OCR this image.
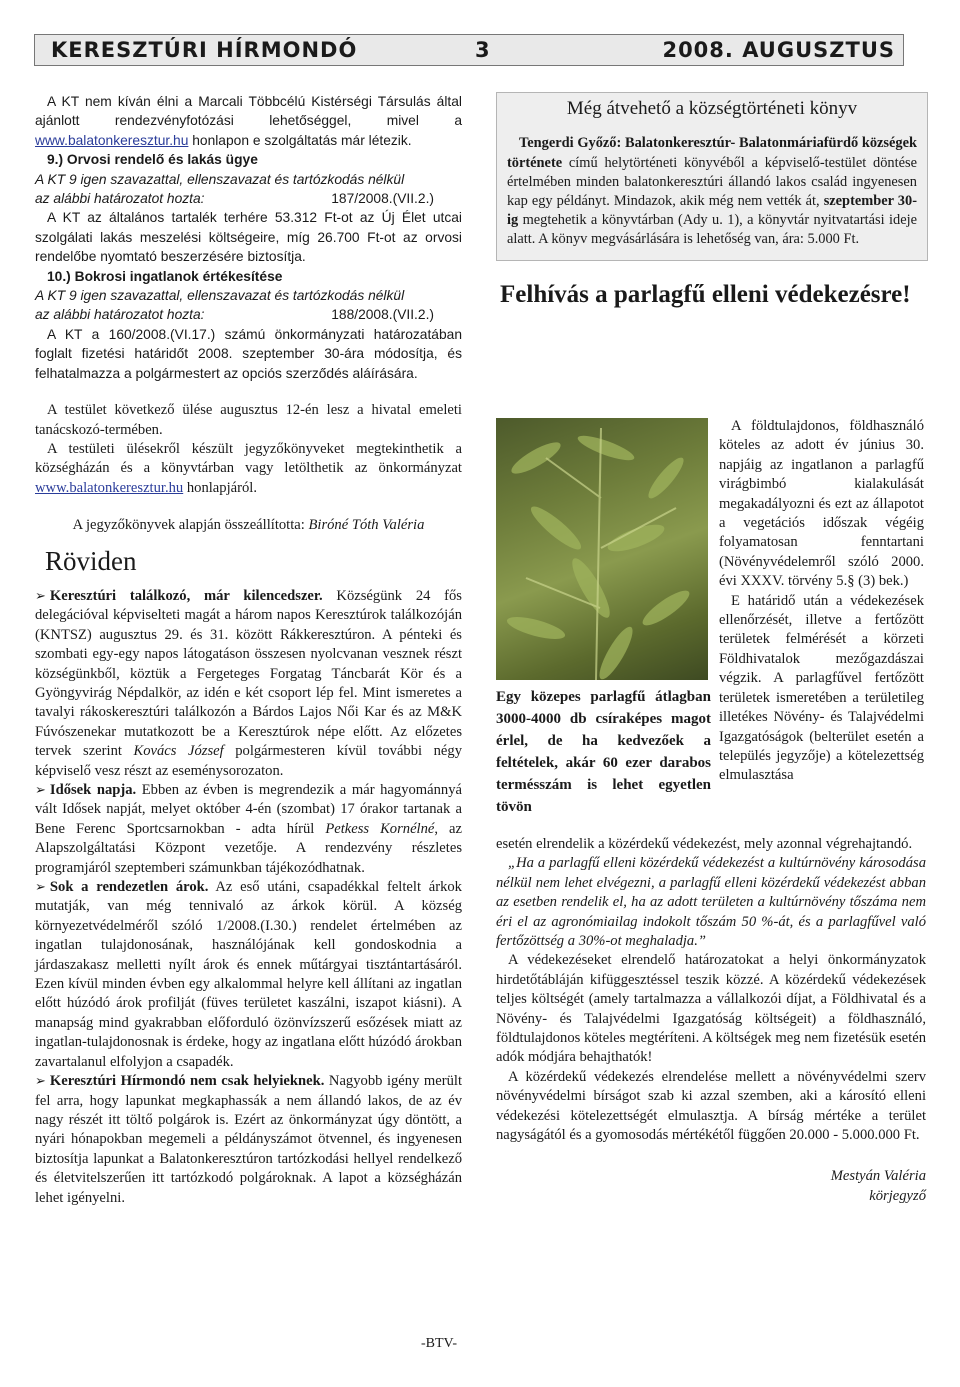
KERESZTÚRI HÍRMONDÓ	3	2008. AUGUSZTUS

A KT nem kíván élni a Marcali Többcélú Kistérségi Társulás által ajánlott rendezvényfotózási lehetőséggel, mivel a www.balatonkeresztur.hu honlapon e szolgáltatás már létezik.

9.) Orvosi rendelő és lakás ügye

A KT 9 igen szavazattal, ellenszavazat és tartózkodás nélkül

az alábbi határozatot hozta:	187/2008.(VII.2.)

A KT az általános tartalék terhére 53.312 Ft-ot az Új Élet utcai szolgálati lakás meszelési költségeire, míg 26.700 Ft-ot az orvosi rendelőbe nyomtató beszerzésére biztosítja.

10.) Bokrosi ingatlanok értékesítése

A KT 9 igen szavazattal, ellenszavazat és tartózkodás nélkül

az alábbi határozatot hozta:	188/2008.(VII.2.)

A KT a 160/2008.(VI.17.) számú önkormányzati határozatában foglalt fizetési határidőt 2008. szeptember 30-ára módosítja, és felhatalmazza a polgármestert az opciós szerződés aláírására.

A testület következő ülése augusztus 12-én lesz a hivatal emeleti tanácskozó-termében.

A testületi ülésekről készült jegyzőkönyveket megtekinthetik a községházán és a könyvtárban vagy letölthetik az önkormányzat www.balatonkeresztur.hu honlapjáról.

A jegyzőkönyvek alapján összeállította: Biróné Tóth Valéria

Röviden

➢ Keresztúri találkozó, már kilencedszer. Községünk 24 fős delegációval képviselteti magát a három napos Keresztúrok találkozóján (KNTSZ) augusztus 29. és 31. között Rákkeresztúron. A pénteki és szombati egy-egy napos látogatáson összesen nyolcvanan vesznek részt községünkből, köztük a Fergeteges Forgatag Táncbarát Kör és a Gyöngyvirág Népdalkör, az idén e két csoport lép fel. Mint ismeretes a tavalyi rákoskeresztúri találkozón a Bárdos Lajos Női Kar és az M&K Fúvószenekar mutatkozott be a Keresztúrok népe előtt. Az előzetes tervek szerint Kovács József polgármesteren kívül további négy képviselő vesz részt az eseménysorozaton.

➢ Idősek napja. Ebben az évben is megrendezik a már hagyománnyá vált Idősek napját, melyet október 4-én (szombat) 17 órakor tartanak a Bene Ferenc Sportcsarnokban - adta hírül Petkess Kornélné, az Alapszolgáltatási Központ vezetője. A rendezvény részletes programjáról szeptemberi számunkban tájékozódhatnak.

➢ Sok a rendezetlen árok. Az eső utáni, csapadékkal feltelt árkok mutatják, van még tennivaló az árkok körül. A község környezetvédelméről szóló 1/2008.(I.30.) rendelet értelmében az ingatlan tulajdonosának, használójának kell gondoskodnia a járdaszakasz melletti nyílt árok és ennek műtárgyai tisztántartásáról. Ezen kívül minden évben egy alkalommal helyre kell állítani az ingatlan előtt húzódó árok profilját (füves területet kaszálni, iszapot kiásni). A manapság mind gyakrabban előforduló özönvízszerű esőzések miatt az ingatlan-tulajdonosnak is érdeke, hogy az ingatlana előtt húzódó árokban zavartalanul elfolyjon a csapadék.

➢ Keresztúri Hírmondó nem csak helyieknek. Nagyobb igény merült fel arra, hogy lapunkat megkaphassák a nem állandó lakos, de az év nagy részét itt töltő polgárok is. Ezért az önkormányzat úgy döntött, a nyári hónapokban megemeli a példányszámot ötvennel, és ingyenesen biztosítja lapunkat a Balatonkeresztúron tartózkodási hellyel rendelkező és életvitelszerűen itt tartózkodó polgároknak. A lapot a községházán lehet igényelni.

Még átvehető a községtörténeti könyv

Tengerdi Győző: Balatonkeresztúr- Balatonmáriafürdő községek története című helytörténeti könyvéből a képviselő-testület döntése értelmében minden balatonkeresztúri állandó lakos család ingyenesen kap egy példányt. Mindazok, akik még nem vették át, szeptember 30-ig megtehetik a könyvtárban (Ady u. 1), a könyvtár nyitvatartási ideje alatt. A könyv megvásárlására is lehetőség van, ára: 5.000 Ft.

Felhívás a parlagfű elleni védekezésre!
Egy közepes parlagfű átlagban 3000-4000 db csíraképes magot érlel, de ha kedvezőek a feltételek, akár 60 ezer darabos termésszám is lehet egyetlen tövön

A földtulajdonos, földhasználó köteles az adott év június 30. napjáig az ingatlanon a parlagfű virágbimbó kialakulását megakadályozni és ezt az állapotot a vegetációs időszak végéig folyamatosan fenntartani (Növényvédelemről szóló 2000. évi XXXV. törvény 5.§ (3) bek.)

E határidő után a védekezések ellenőrzését, illetve a fertőzött területek felmérését a körzeti Földhivatalok mezőgazdászai végzik. A parlagfűvel fertőzött területek ismeretében a területileg illetékes Növény- és Talajvédelmi Igazgatóságok (belterület esetén a település jegyzője) a kötelezettség elmulasztása

esetén elrendelik a közérdekű védekezést, mely azonnal végrehajtandó.

„Ha a parlagfű elleni közérdekű védekezést a kultúrnövény károsodása nélkül nem lehet elvégezni, a parlagfű elleni közérdekű védekezést abban az esetben rendelik el, ha az adott területen a kultúrnövény tőszáma nem éri el az agronómiailag indokolt tőszám 50 %-át, és a parlagfűvel való fertőzöttség a 30%-ot meghaladja.”

A védekezéseket elrendelő határozatokat a helyi önkormányzatok hirdetőtábláján kifüggesztéssel teszik közzé. A közérdekű védekezések teljes költségét (amely tartalmazza a vállalkozói díjat, a Földhivatal és a Növény- és Talajvédelmi Igazgatóság költségeit) a földhasználó, földtulajdonos köteles megtéríteni. A költségek meg nem fizetésük esetén adók módjára behajthatók!

A közérdekű védekezés elrendelése mellett a növényvédelmi szerv növényvédelmi bírságot szab ki azzal szemben, aki a károsító elleni védekezési kötelezettségét elmulasztja. A bírság mértéke a terület nagyságától és a gyomosodás mértékétől függően 20.000 - 5.000.000 Ft.

Mestyán Valéria
körjegyző
-BTV-
